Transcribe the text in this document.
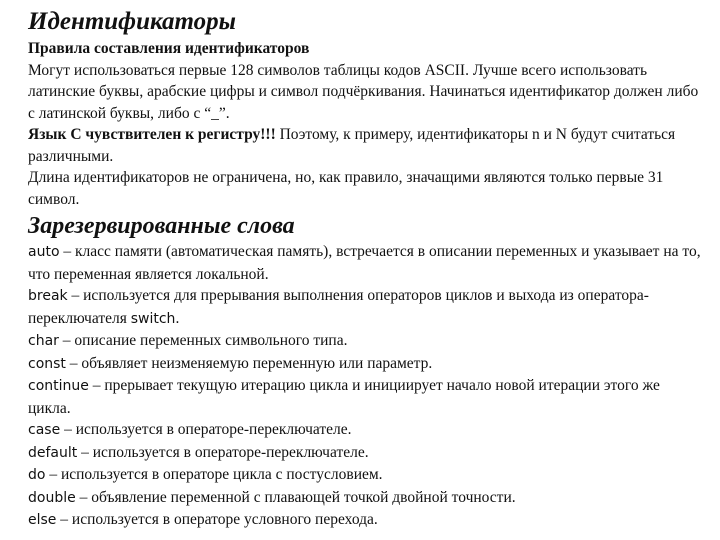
Идентификаторы

Правила составления идентификаторов

Могут использоваться первые 128 символов таблицы кодов ASCII. Лучше всего использовать латинские буквы, арабские цифры и символ подчёркивания. Начинаться идентификатор должен либо с латинской буквы, либо с “_”.

Язык С чувствителен к регистру!!! Поэтому, к примеру, идентификаторы n и N будут считаться различными.

Длина идентификаторов не ограничена, но, как правило, значащими являются только первые 31 символ.

Зарезервированные слова

auto – класс памяти (автоматическая память), встречается в описании переменных и указывает на то, что переменная является локальной.

break – используется для прерывания выполнения операторов циклов и выхода из оператора-переключателя switch.

char – описание переменных символьного типа.

const – объявляет неизменяемую переменную или параметр.

continue – прерывает текущую итерацию цикла и инициирует начало новой итерации этого же цикла.

case – используется в операторе-переключателе.

default – используется в операторе-переключателе.

do – используется в операторе цикла с постусловием.

double – объявление переменной с плавающей точкой двойной точности.

else – используется в операторе условного перехода.
